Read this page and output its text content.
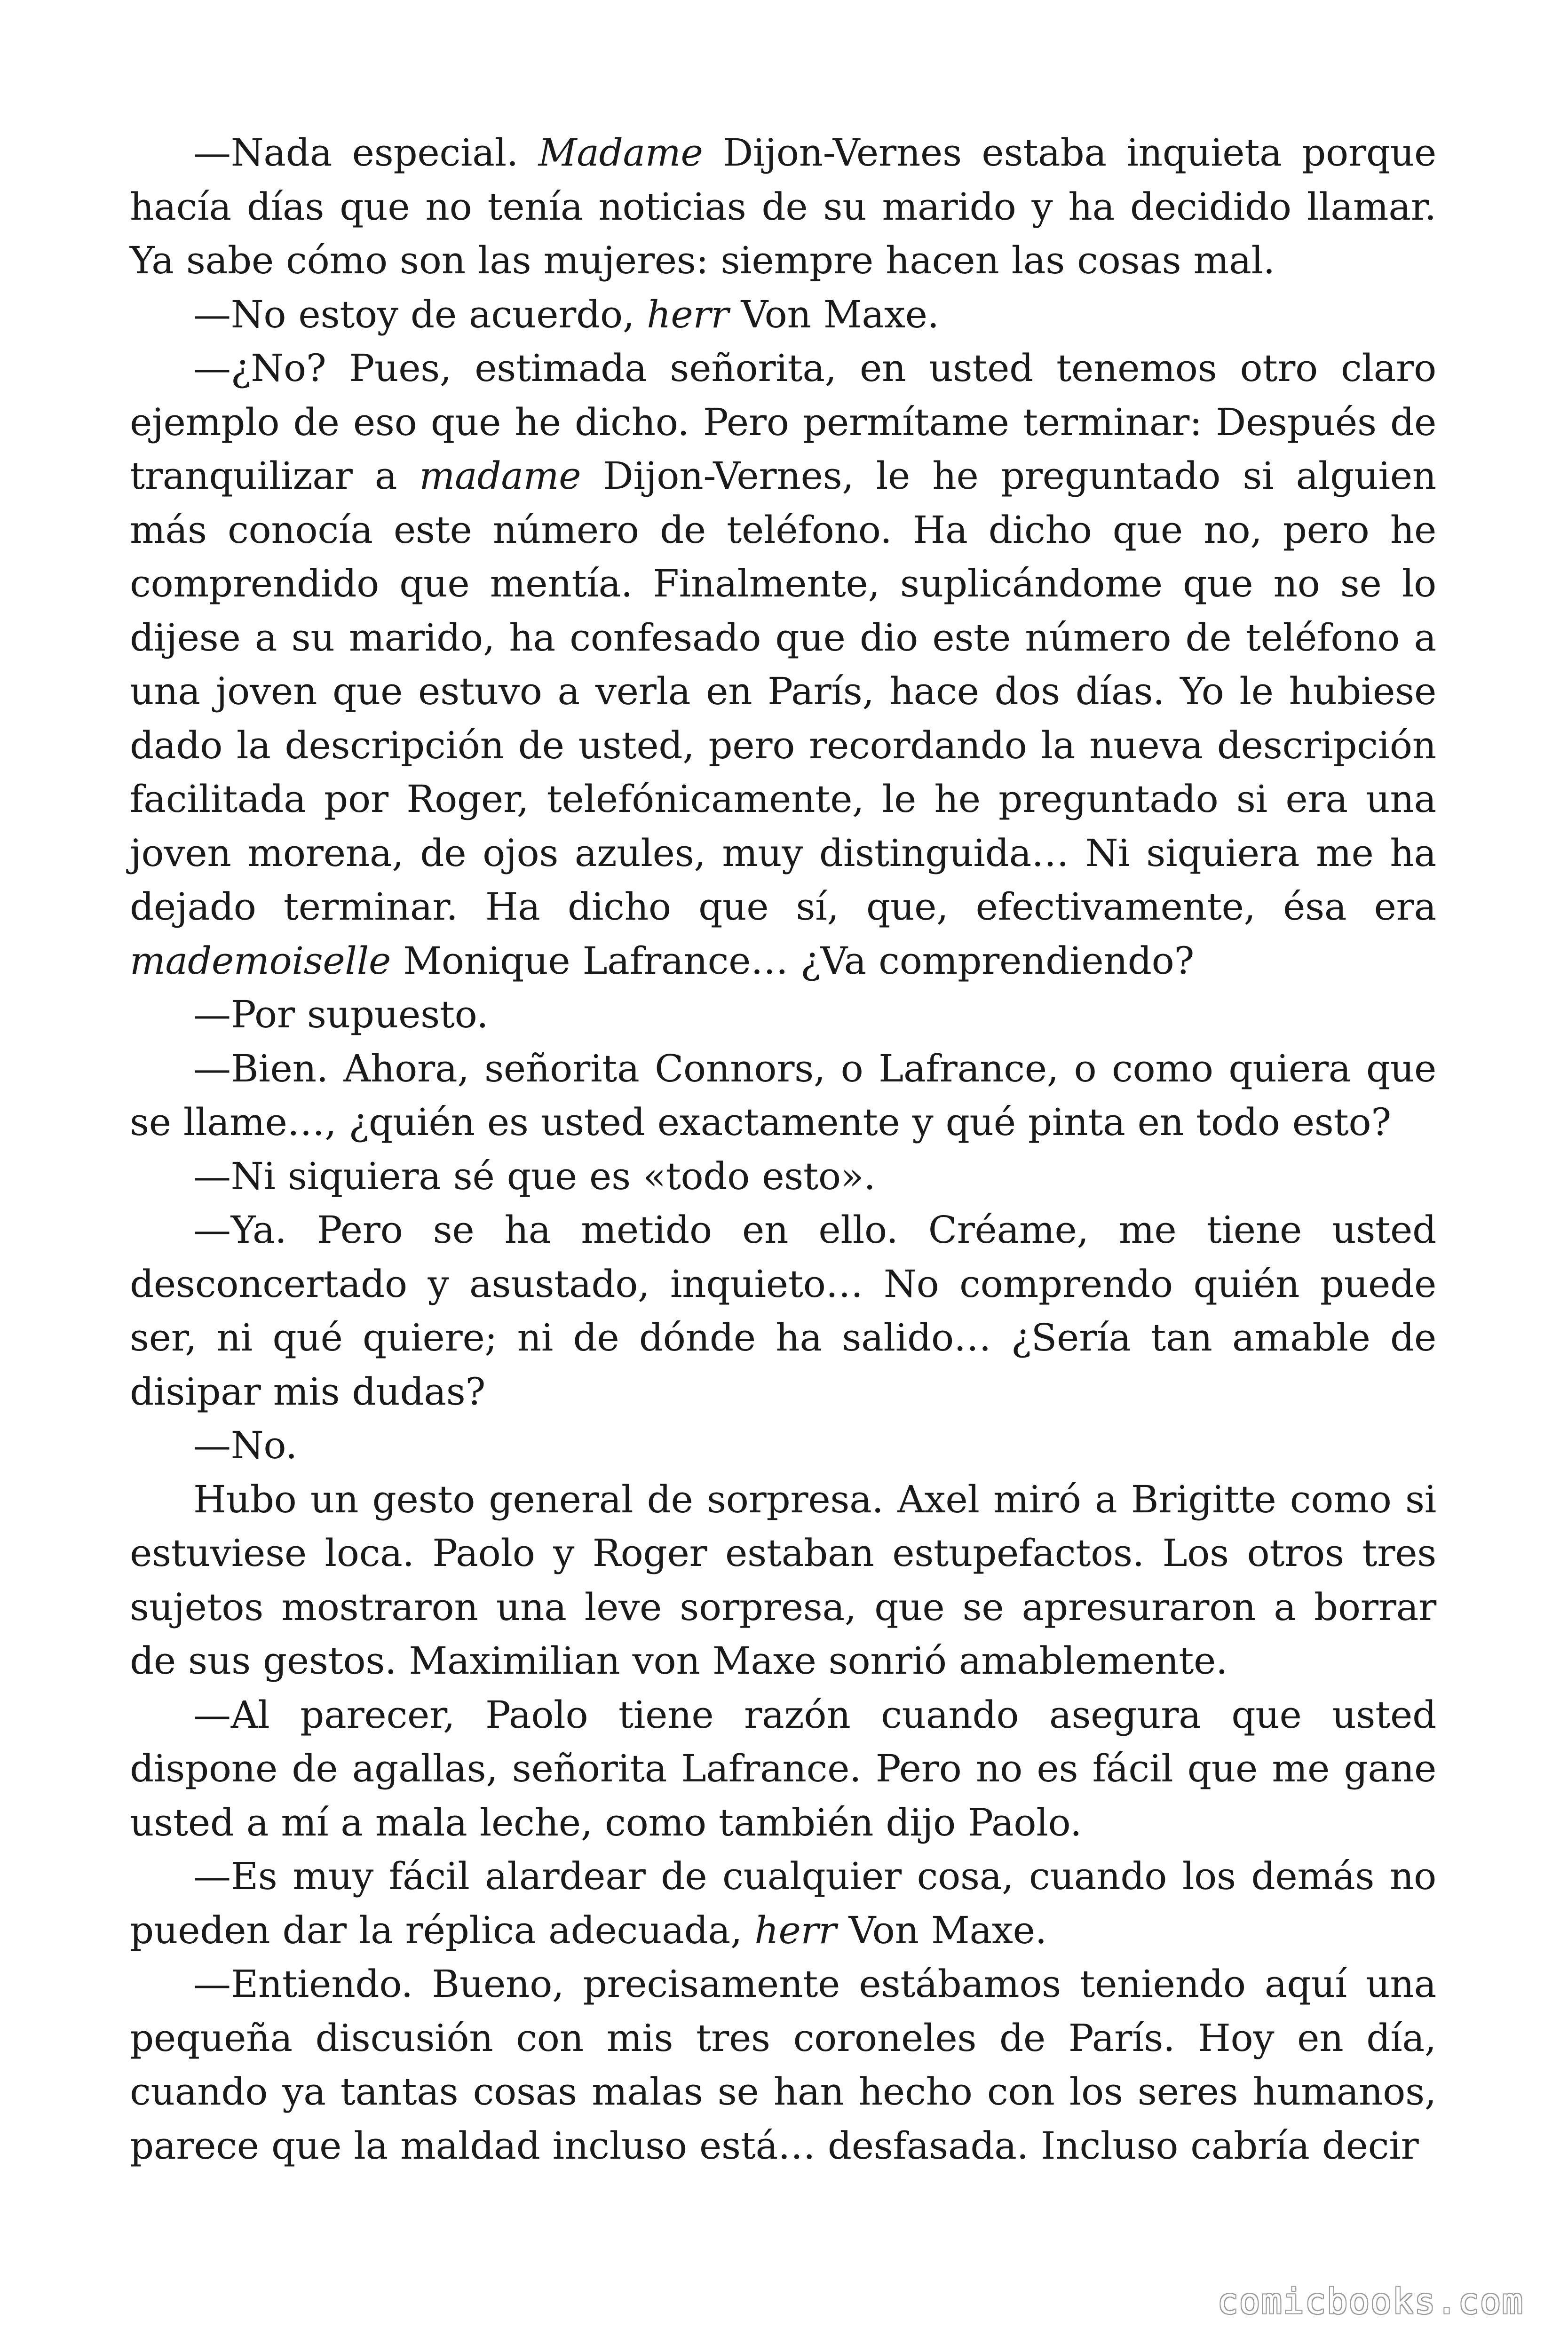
—Nada especial. Madame Dijon-Vernes estaba inquieta porque hacía días que no tenía noticias de su marido y ha decidido llamar. Ya sabe cómo son las mujeres: siempre hacen las cosas mal.

—No estoy de acuerdo, herr Von Maxe.

—¿No? Pues, estimada señorita, en usted tenemos otro claro ejemplo de eso que he dicho. Pero permítame terminar: Después de tranquilizar a madame Dijon-Vernes, le he preguntado si alguien más conocía este número de teléfono. Ha dicho que no, pero he comprendido que mentía. Finalmente, suplicándome que no se lo dijese a su marido, ha confesado que dio este número de teléfono a una joven que estuvo a verla en París, hace dos días. Yo le hubiese dado la descripción de usted, pero recordando la nueva descripción facilitada por Roger, telefónicamente, le he preguntado si era una joven morena, de ojos azules, muy distinguida… Ni siquiera me ha dejado terminar. Ha dicho que sí, que, efectivamente, ésa era mademoiselle Monique Lafrance… ¿Va comprendiendo?

—Por supuesto.

—Bien. Ahora, señorita Connors, o Lafrance, o como quiera que se llame…, ¿quién es usted exactamente y qué pinta en todo esto?

—Ni siquiera sé que es «todo esto».

—Ya. Pero se ha metido en ello. Créame, me tiene usted desconcertado y asustado, inquieto… No comprendo quién puede ser, ni qué quiere; ni de dónde ha salido… ¿Sería tan amable de disipar mis dudas?

—No.

Hubo un gesto general de sorpresa. Axel miró a Brigitte como si estuviese loca. Paolo y Roger estaban estupefactos. Los otros tres sujetos mostraron una leve sorpresa, que se apresuraron a borrar de sus gestos. Maximilian von Maxe sonrió amablemente.

—Al parecer, Paolo tiene razón cuando asegura que usted dispone de agallas, señorita Lafrance. Pero no es fácil que me gane usted a mí a mala leche, como también dijo Paolo.

—Es muy fácil alardear de cualquier cosa, cuando los demás no pueden dar la réplica adecuada, herr Von Maxe.

—Entiendo. Bueno, precisamente estábamos teniendo aquí una pequeña discusión con mis tres coroneles de París. Hoy en día, cuando ya tantas cosas malas se han hecho con los seres humanos, parece que la maldad incluso está… desfasada. Incluso cabría decir

comicbooks.com
